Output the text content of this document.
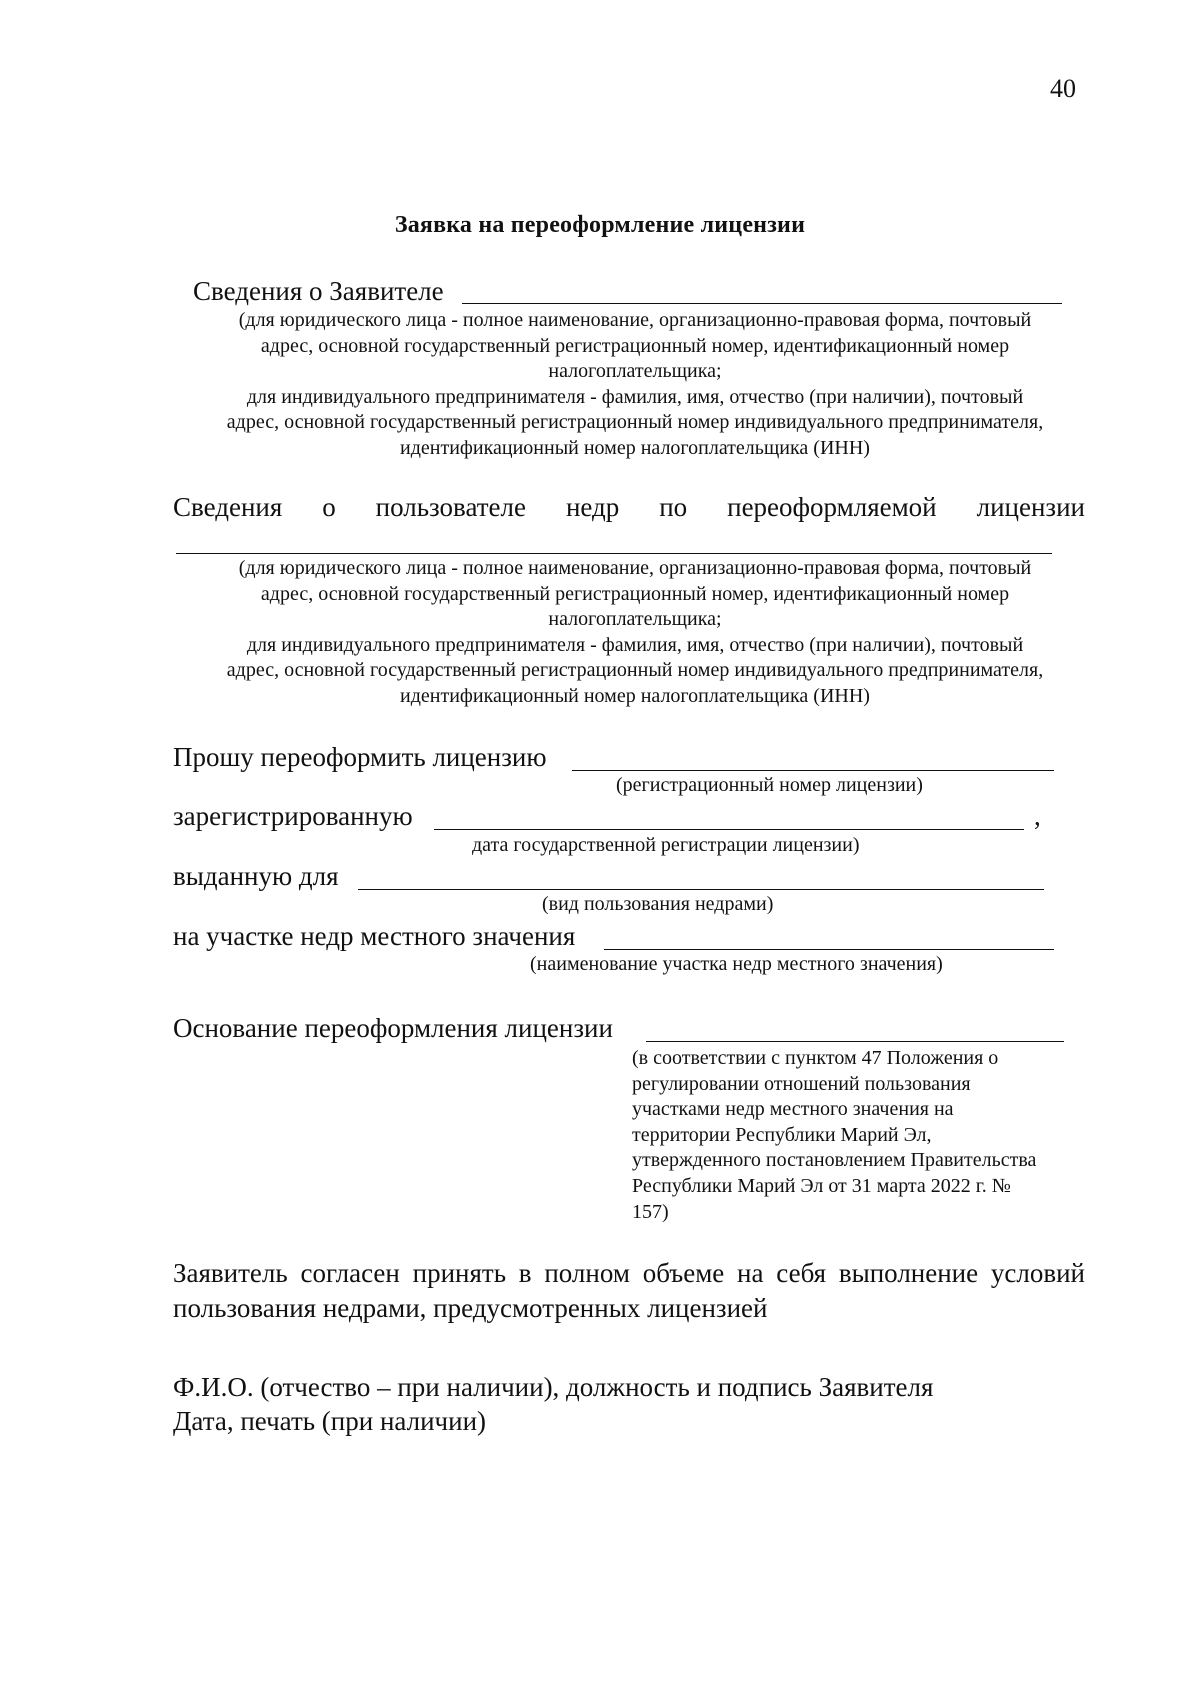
40
Заявка на переоформление лицензии
Сведения о Заявителе
(для юридического лица - полное наименование, организационно-правовая форма, почтовый
адрес, основной государственный регистрационный номер, идентификационный номер
налогоплательщика;
для индивидуального предпринимателя - фамилия, имя, отчество (при наличии), почтовый
адрес, основной государственный регистрационный номер индивидуального предпринимателя,
идентификационный номер налогоплательщика (ИНН)
Сведения о пользователе недр по переоформляемой лицензии
(для юридического лица - полное наименование, организационно-правовая форма, почтовый
адрес, основной государственный регистрационный номер, идентификационный номер
налогоплательщика;
для индивидуального предпринимателя - фамилия, имя, отчество (при наличии), почтовый
адрес, основной государственный регистрационный номер индивидуального предпринимателя,
идентификационный номер налогоплательщика (ИНН)
Прошу переоформить лицензию
(регистрационный номер лицензии)
зарегистрированную	,
дата государственной регистрации лицензии)
выданную для
(вид пользования недрами)
на участке недр местного значения
(наименование участка недр местного значения)
Основание переоформления лицензии
(в соответствии с пунктом 47 Положения о
регулировании отношений пользования
участками недр местного значения на
территории Республики Марий Эл,
утвержденного постановлением Правительства
Республики Марий Эл от 31 марта 2022 г. №
157)
Заявитель согласен принять в полном объеме на себя выполнение условий пользования недрами, предусмотренных лицензией
Ф.И.О. (отчество – при наличии), должность и подпись Заявителя
Дата, печать (при наличии)
